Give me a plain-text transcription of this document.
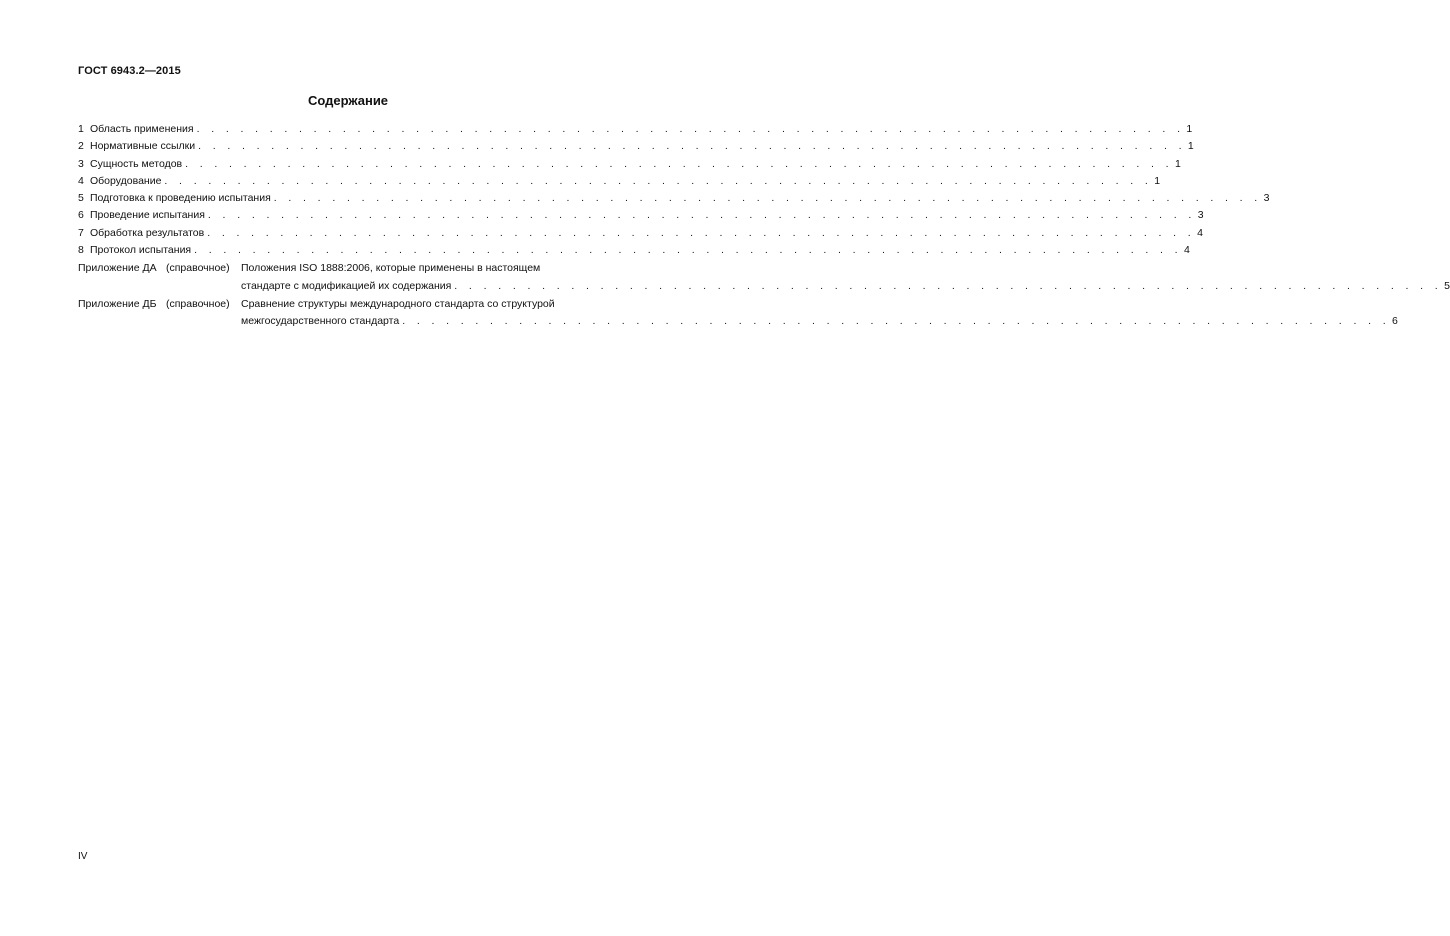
ГОСТ 6943.2—2015
Содержание
1 Область применения . . . . . . . . . . . . . . . . . . . . . . . . . . . . . . . . . . . . . . . . . . . . . . . . . . . . . . . . . . . . . . . . . . . . 1
2 Нормативные ссылки . . . . . . . . . . . . . . . . . . . . . . . . . . . . . . . . . . . . . . . . . . . . . . . . . . . . . . . . . . . . . . . . . . . . 1
3 Сущность методов . . . . . . . . . . . . . . . . . . . . . . . . . . . . . . . . . . . . . . . . . . . . . . . . . . . . . . . . . . . . . . . . . . . . 1
4 Оборудование . . . . . . . . . . . . . . . . . . . . . . . . . . . . . . . . . . . . . . . . . . . . . . . . . . . . . . . . . . . . . . . . . . . . 1
5 Подготовка к проведению испытания . . . . . . . . . . . . . . . . . . . . . . . . . . . . . . . . . . . . . . . . . . . . . . . . . . . . . . . . . . . . . . . . . . . . 3
6 Проведение испытания . . . . . . . . . . . . . . . . . . . . . . . . . . . . . . . . . . . . . . . . . . . . . . . . . . . . . . . . . . . . . . . . . . . . 3
7 Обработка результатов . . . . . . . . . . . . . . . . . . . . . . . . . . . . . . . . . . . . . . . . . . . . . . . . . . . . . . . . . . . . . . . . . . . . 4
8 Протокол испытания . . . . . . . . . . . . . . . . . . . . . . . . . . . . . . . . . . . . . . . . . . . . . . . . . . . . . . . . . . . . . . . . . . . . 4
Приложение ДА (справочное)	Положения ISO 1888:2006, которые применены в настоящем
стандарте с модификацией их содержания . . . . . . . . . . . . . . . . . . . . . . . . . . . . . . . . . . . . . . . . . . . . . . . . . . . . . . . . . . . . . . . . . . . . 5
Приложение ДБ (справочное)	Сравнение структуры международного стандарта со структурой
межгосударственного стандарта . . . . . . . . . . . . . . . . . . . . . . . . . . . . . . . . . . . . . . . . . . . . . . . . . . . . . . . . . . . . . . . . . . . . 6
IV
